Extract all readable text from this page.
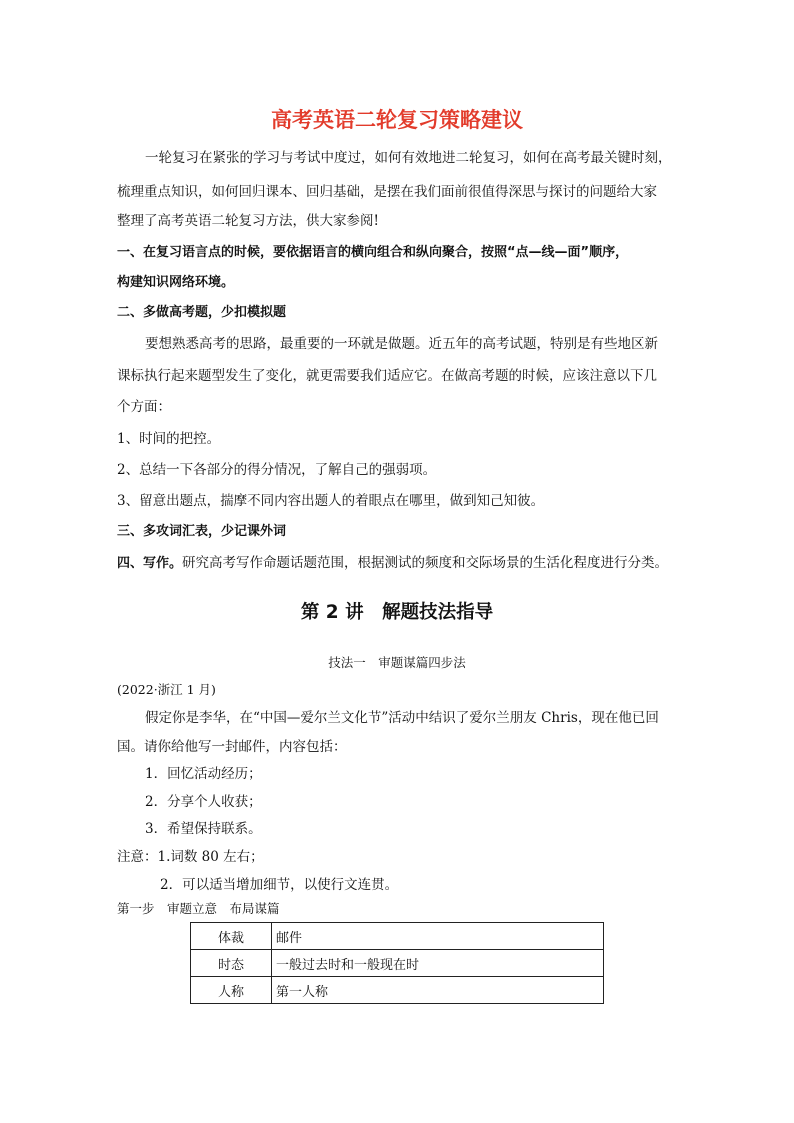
高考英语二轮复习策略建议
一轮复习在紧张的学习与考试中度过，如何有效地进二轮复习，如何在高考最关键时刻，
梳理重点知识，如何回归课本、回归基础，是摆在我们面前很值得深思与探讨的问题给大家
整理了高考英语二轮复习方法，供大家参阅!
一、在复习语言点的时候，要依据语言的横向组合和纵向聚合，按照“点—线—面”顺序，
构建知识网络环境。
二、多做高考题，少扣模拟题
要想熟悉高考的思路，最重要的一环就是做题。近五年的高考试题，特别是有些地区新
课标执行起来题型发生了变化，就更需要我们适应它。在做高考题的时候，应该注意以下几
个方面：
1、时间的把控。
2、总结一下各部分的得分情况，了解自己的强弱项。
3、留意出题点，揣摩不同内容出题人的着眼点在哪里，做到知己知彼。
三、多攻词汇表，少记课外词
四、写作。研究高考写作命题话题范围，根据测试的频度和交际场景的生活化程度进行分类。
第 2 讲　解题技法指导
技法一　审题谋篇四步法
(2022·浙江 1 月)
假定你是李华，在“中国—爱尔兰文化节”活动中结识了爱尔兰朋友 Chris，现在他已回
国。请你给他写一封邮件，内容包括：
1．回忆活动经历；
2．分享个人收获；
3．希望保持联系。
注意：1.词数 80 左右；
2．可以适当增加细节，以使行文连贯。
第一步　审题立意　布局谋篇
体裁	邮件
时态	一般过去时和一般现在时
人称	第一人称
